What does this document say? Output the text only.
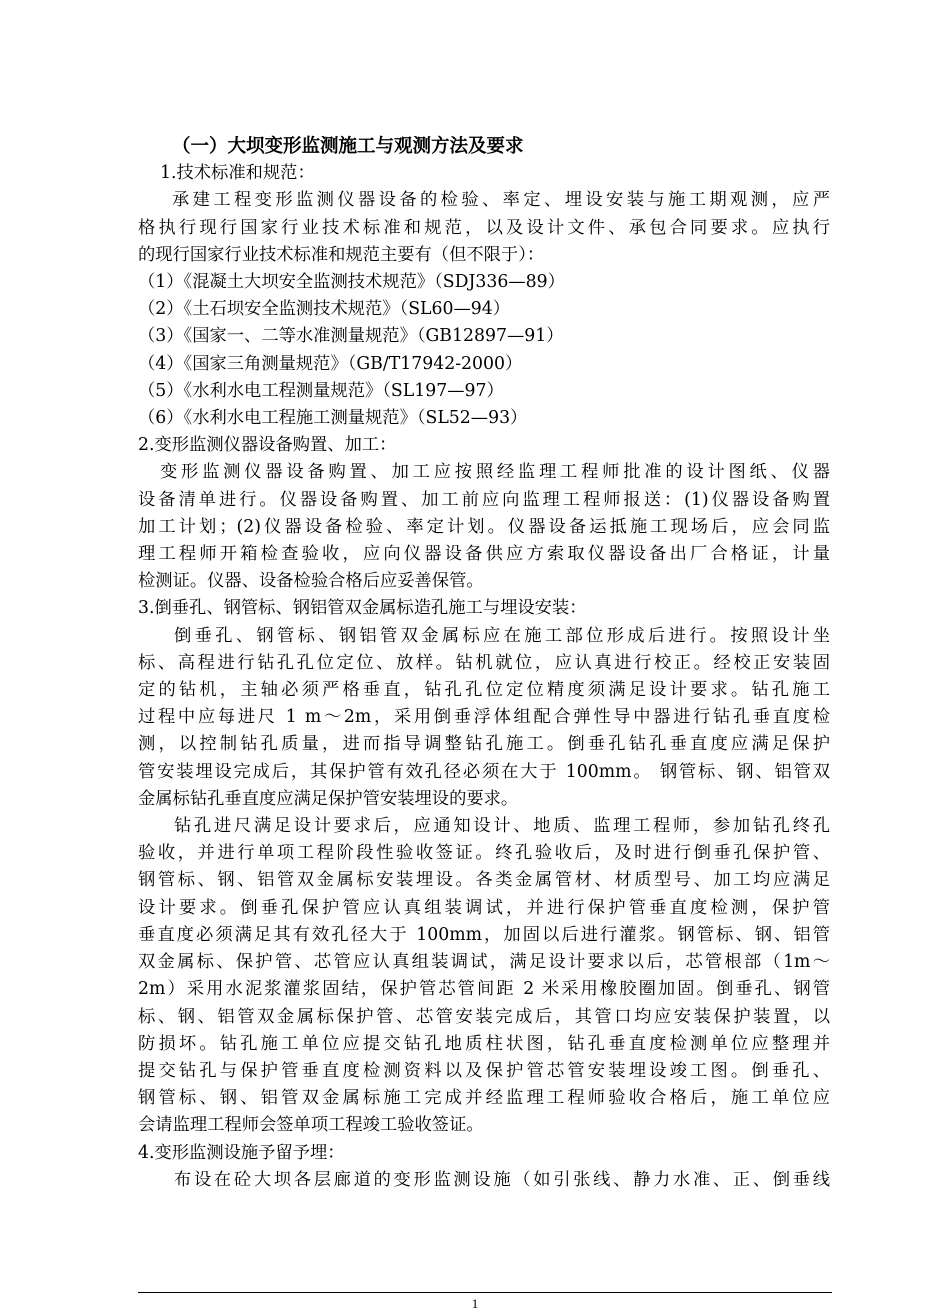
（一）大坝变形监测施工与观测方法及要求
1.技术标准和规范：
承建工程变形监测仪器设备的检验、率定、埋设安装与施工期观测，应严
格执行现行国家行业技术标准和规范，以及设计文件、承包合同要求。应执行
的现行国家行业技术标准和规范主要有（但不限于）：
（1）《混凝土大坝安全监测技术规范》（SDJ336—89）
（2）《土石坝安全监测技术规范》（SL60—94）
（3）《国家一、二等水准测量规范》（GB12897—91）
（4）《国家三角测量规范》（GB/T17942-2000）
（5）《水利水电工程测量规范》（SL197—97）
（6）《水利水电工程施工测量规范》（SL52—93）
2.变形监测仪器设备购置、加工：
变形监测仪器设备购置、加工应按照经监理工程师批准的设计图纸、仪器
设备清单进行。仪器设备购置、加工前应向监理工程师报送：(1)仪器设备购置
加工计划；(2)仪器设备检验、率定计划。仪器设备运抵施工现场后，应会同监
理工程师开箱检查验收，应向仪器设备供应方索取仪器设备出厂合格证，计量
检测证。仪器、设备检验合格后应妥善保管。
3.倒垂孔、钢管标、钢铝管双金属标造孔施工与埋设安装：
倒垂孔、钢管标、钢铝管双金属标应在施工部位形成后进行。按照设计坐
标、高程进行钻孔孔位定位、放样。钻机就位，应认真进行校正。经校正安装固
定的钻机，主轴必须严格垂直，钻孔孔位定位精度须满足设计要求。钻孔施工
过程中应每进尺 1 m～2m，采用倒垂浮体组配合弹性导中器进行钻孔垂直度检
测，以控制钻孔质量，进而指导调整钻孔施工。倒垂孔钻孔垂直度应满足保护
管安装埋设完成后，其保护管有效孔径必须在大于 100mm。 钢管标、钢、铝管双
金属标钻孔垂直度应满足保护管安装埋设的要求。
钻孔进尺满足设计要求后，应通知设计、地质、监理工程师，参加钻孔终孔
验收，并进行单项工程阶段性验收签证。终孔验收后，及时进行倒垂孔保护管、
钢管标、钢、铝管双金属标安装埋设。各类金属管材、材质型号、加工均应满足
设计要求。倒垂孔保护管应认真组装调试，并进行保护管垂直度检测，保护管
垂直度必须满足其有效孔径大于 100mm，加固以后进行灌浆。钢管标、钢、铝管
双金属标、保护管、芯管应认真组装调试，满足设计要求以后，芯管根部（1m～
2m）采用水泥浆灌浆固结，保护管芯管间距 2 米采用橡胶圈加固。倒垂孔、钢管
标、钢、铝管双金属标保护管、芯管安装完成后，其管口均应安装保护装置，以
防损坏。钻孔施工单位应提交钻孔地质柱状图，钻孔垂直度检测单位应整理并
提交钻孔与保护管垂直度检测资料以及保护管芯管安装埋设竣工图。倒垂孔、
钢管标、钢、铝管双金属标施工完成并经监理工程师验收合格后，施工单位应
会请监理工程师会签单项工程竣工验收签证。
4.变形监测设施予留予埋：
布设在砼大坝各层廊道的变形监测设施（如引张线、静力水准、正、倒垂线
1
